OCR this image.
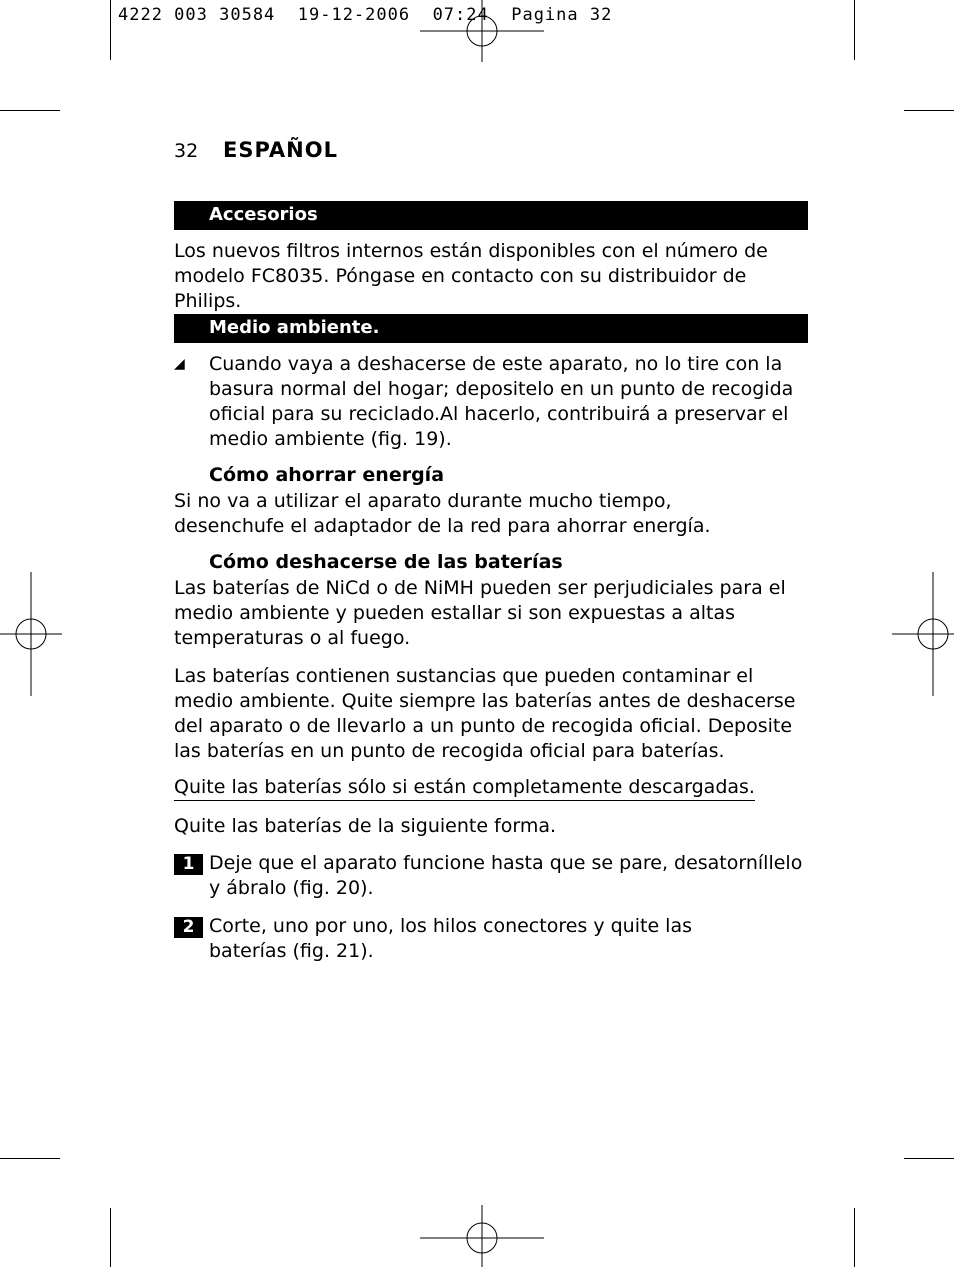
4222 003 30584  19-12-2006  07:24  Pagina 32
32 ESPAÑOL
Accesorios
Los nuevos filtros internos están disponibles con el número de modelo FC8035. Póngase en contacto con su distribuidor de Philips.
Medio ambiente.
◢ Cuando vaya a deshacerse de este aparato, no lo tire con la basura normal del hogar; depositelo en un punto de recogida oficial para su reciclado.Al hacerlo, contribuirá a preservar el medio ambiente (fig. 19).
Cómo ahorrar energía
Si no va a utilizar el aparato durante mucho tiempo, desenchufe el adaptador de la red para ahorrar energía.
Cómo deshacerse de las baterías
Las baterías de NiCd o de NiMH pueden ser perjudiciales para el medio ambiente y pueden estallar si son expuestas a altas temperaturas o al fuego.
Las baterías contienen sustancias que pueden contaminar el medio ambiente. Quite siempre las baterías antes de deshacerse del aparato o de llevarlo a un punto de recogida oficial. Deposite las baterías en un punto de recogida oficial para baterías.
Quite las baterías sólo si están completamente descargadas.
Quite las baterías de la siguiente forma.
1 Deje que el aparato funcione hasta que se pare, desatorníllelo y ábralo (fig. 20).
2 Corte, uno por uno, los hilos conectores y quite las baterías (fig. 21).
